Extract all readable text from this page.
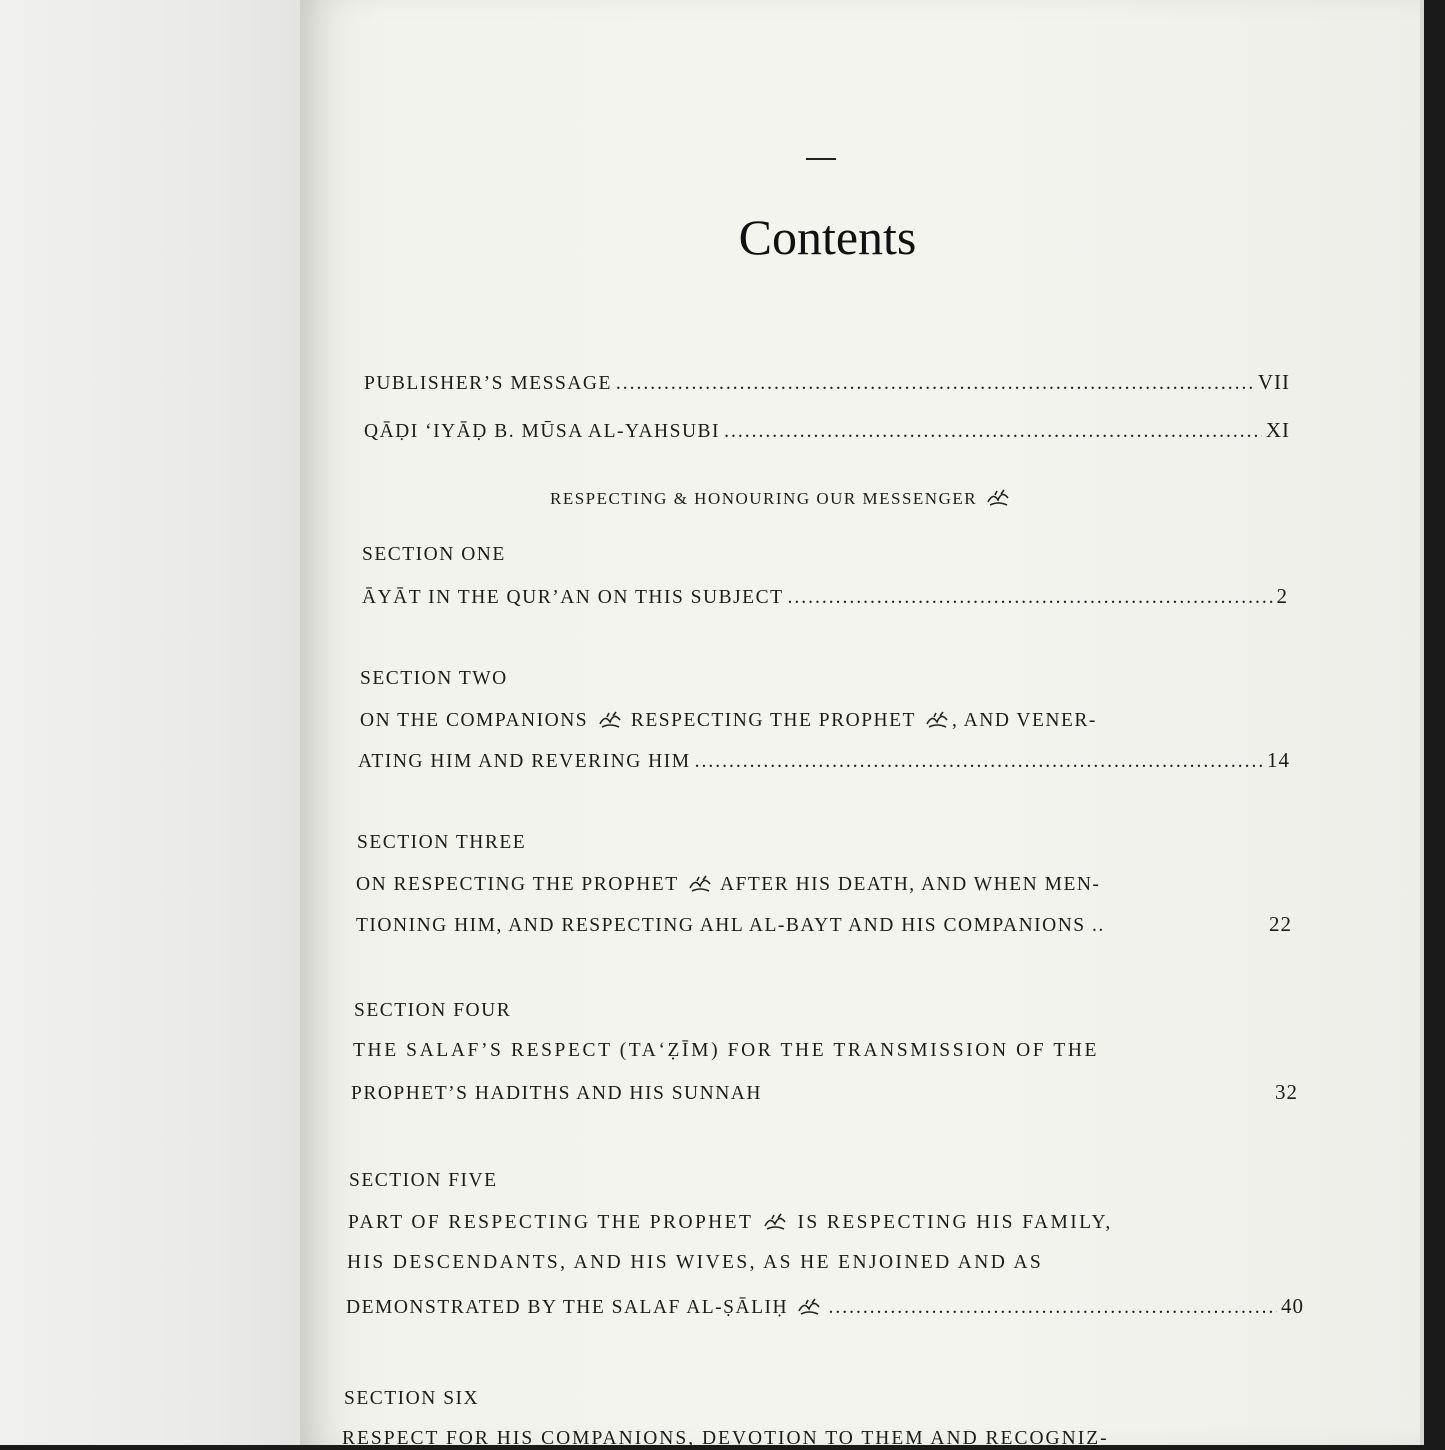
Contents
PUBLISHER’S MESSAGE .....	VII
QĀḌI ‘IYĀḌ B. MŪSA AL-YAHSUBI .....	XI
RESPECTING & HONOURING OUR MESSENGER
SECTION ONE
ĀYĀT IN THE QUR’AN ON THIS SUBJECT .....	2
SECTION TWO
ON THE COMPANIONS RESPECTING THE PROPHET , AND VENER-
ATING HIM AND REVERING HIM .....	14
SECTION THREE
ON RESPECTING THE PROPHET AFTER HIS DEATH, AND WHEN MEN-
TIONING HIM, AND RESPECTING AHL AL-BAYT AND HIS COMPANIONS ..	22
SECTION FOUR
THE SALAF’S RESPECT (TA‘ẒĪM) FOR THE TRANSMISSION OF THE
PROPHET’S HADITHS AND HIS SUNNAH	32
SECTION FIVE
PART OF RESPECTING THE PROPHET IS RESPECTING HIS FAMILY,
HIS DESCENDANTS, AND HIS WIVES, AS HE ENJOINED AND AS
DEMONSTRATED BY THE SALAF AL-ṢĀLIḤ .....	40
SECTION SIX
RESPECT FOR HIS COMPANIONS, DEVOTION TO THEM AND RECOGNIZ-
